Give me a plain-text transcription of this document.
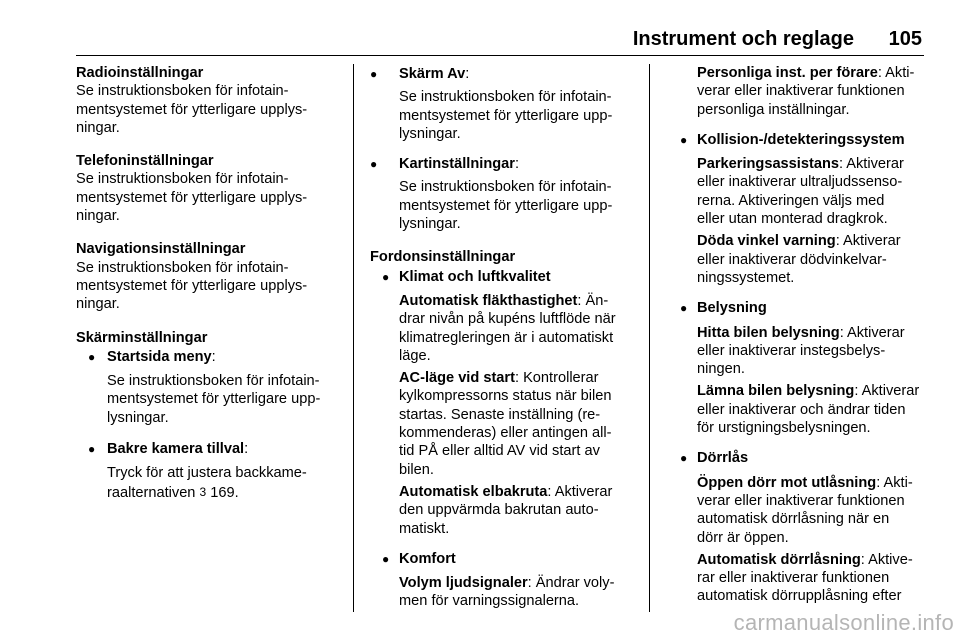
Instrument och reglage 105
Radioinställningar
Se instruktionsboken för infotain-
mentsystemet för ytterligare upplys-
ningar.
Telefoninställningar
Se instruktionsboken för infotain-
mentsystemet för ytterligare upplys-
ningar.
Navigationsinställningar
Se instruktionsboken för infotain-
mentsystemet för ytterligare upplys-
ningar.
Skärminställningar
● Startsida meny:
Se instruktionsboken för infotain-
mentsystemet för ytterligare upp-
lysningar.
● Bakre kamera tillval:
Tryck för att justera backkame-
raalternativen 3 169.
● Skärm Av:
Se instruktionsboken för infotain-
mentsystemet för ytterligare upp-
lysningar.
● Kartinställningar:
Se instruktionsboken för infotain-
mentsystemet för ytterligare upp-
lysningar.
Fordonsinställningar
● Klimat och luftkvalitet
Automatisk fläkthastighet: Än-
drar nivån på kupéns luftflöde när
klimatregleringen är i automatiskt
läge.
AC-läge vid start: Kontrollerar
kylkompressorns status när bilen
startas. Senaste inställning (re-
kommenderas) eller antingen all-
tid PÅ eller alltid AV vid start av
bilen.
Automatisk elbakruta: Aktiverar
den uppvärmda bakrutan auto-
matiskt.
● Komfort
Volym ljudsignaler: Ändrar voly-
men för varningssignalerna.
Personliga inst. per förare: Akti-
verar eller inaktiverar funktionen
personliga inställningar.
● Kollision-/detekteringssystem
Parkeringsassistans: Aktiverar
eller inaktiverar ultraljudssenso-
rerna. Aktiveringen väljs med
eller utan monterad dragkrok.
Döda vinkel varning: Aktiverar
eller inaktiverar dödvinkelvar-
ningssystemet.
● Belysning
Hitta bilen belysning: Aktiverar
eller inaktiverar instegsbelys-
ningen.
Lämna bilen belysning: Aktiverar
eller inaktiverar och ändrar tiden
för urstigningsbelysningen.
● Dörrlås
Öppen dörr mot utlåsning: Akti-
verar eller inaktiverar funktionen
automatisk dörrlåsning när en
dörr är öppen.
Automatisk dörrlåsning: Aktive-
rar eller inaktiverar funktionen
automatisk dörrupplåsning efter
carmanualsonline.info
